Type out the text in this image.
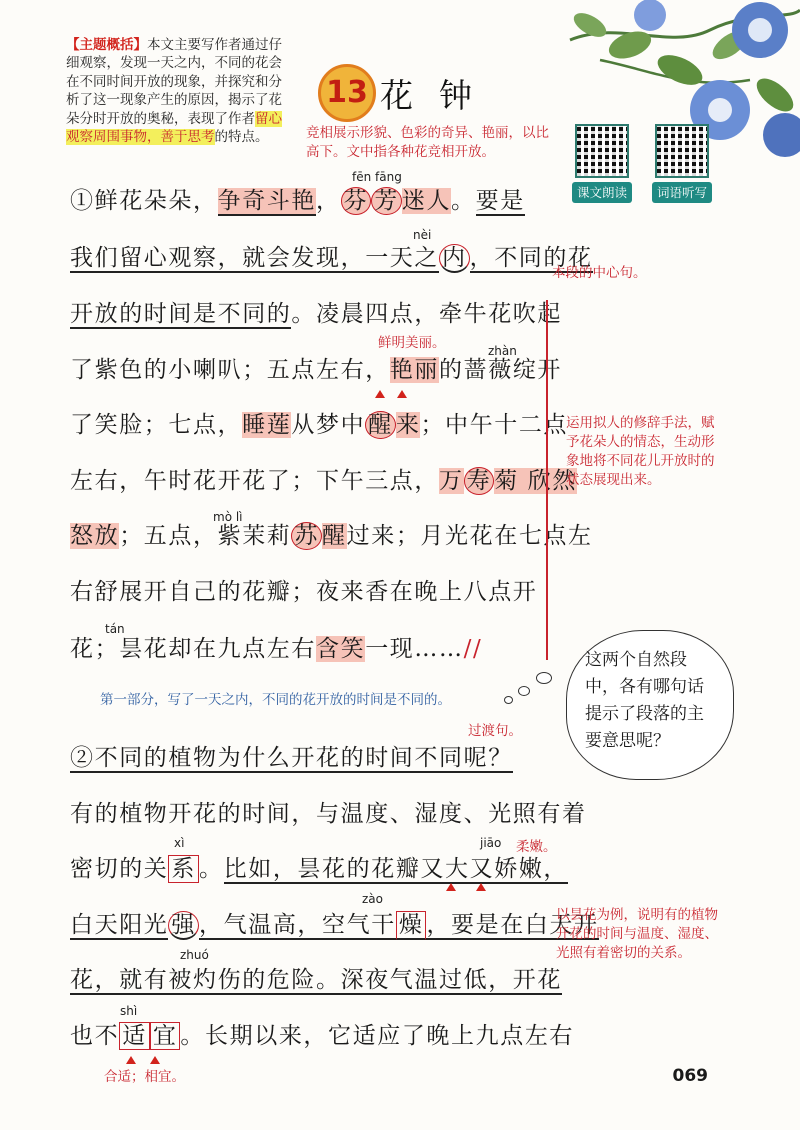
【主题概括】本文主要写作者通过仔细观察，发现一天之内，不同的花会在不同时间开放的现象，并探究和分析了这一现象产生的原因，揭示了花朵分时开放的奥秘，表现了作者留心观察周围事物，善于思考的特点。
13 花钟
竞相展示形貌、色彩的奇异、艳丽，以比高下。文中指各种花竞相开放。
课文朗读	词语听写
fēn fāng
nèi
zhàn
mò lì
tán
xì	jiāo
zào
zhuó
shì
①鲜花朵朵，争奇斗艳， 芬 芳 迷人。要是
我们留心观察，就会发现，一天之 内 ，不同的花
开放的时间是不同的。凌晨四点，牵牛花吹起
了紫色的小喇叭；五点左右，艳丽的蔷薇绽开
了笑脸；七点，睡莲从梦中 醒 来；中午十二点
左右，午时花开花了；下午三点，万 寿 菊 欣然
怒放；五点，紫茉莉 苏 醒过来；月光花在七点左
右舒展开自己的花瓣；夜来香在晚上八点开
花；昙花却在九点左右含笑一现……//
②不同的植物为什么开花的时间不同呢？
有的植物开花的时间，与温度、湿度、光照有着
密切的关 系 。比如，昙花的花瓣又大又娇嫩，
白天阳光 强 ，气温高，空气干 燥 ，要是在白天开
花，就有被灼伤的危险。深夜气温过低，开花
也不 适 宜 。长期以来，它适应了晚上九点左右
本段的中心句。
鲜明美丽。
运用拟人的修辞手法，赋予花朵人的情态，生动形象地将不同花儿开放时的状态展现出来。
第一部分，写了一天之内，不同的花开放的时间是不同的。
过渡句。
柔嫩。
以昙花为例，说明有的植物开花的时间与温度、湿度、光照有着密切的关系。
合适；相宜。
这两个自然段中，各有哪句话提示了段落的主要意思呢？
069
